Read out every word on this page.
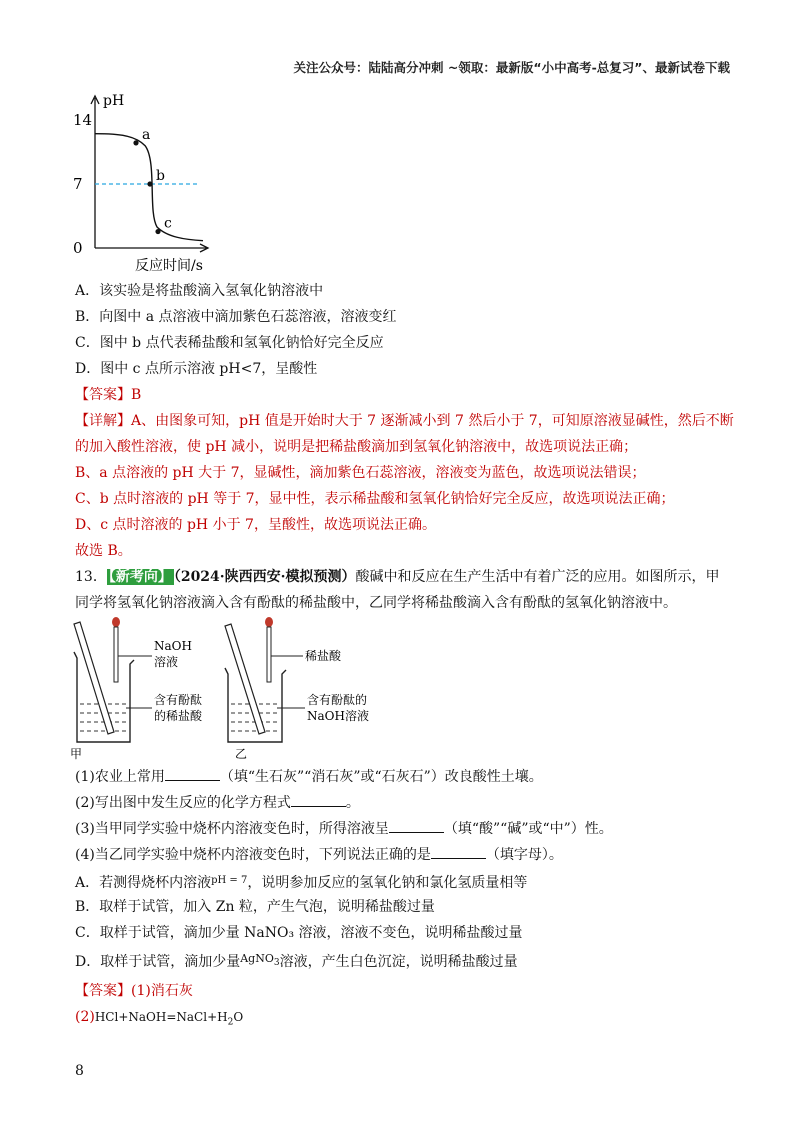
关注公众号：陆陆高分冲刺 ~领取：最新版“小中高考-总复习”、最新试卷下载
pH
14
7
0
a
b
c
反应时间/s
A．该实验是将盐酸滴入氢氧化钠溶液中
B．向图中 a 点溶液中滴加紫色石蕊溶液，溶液变红
C．图中 b 点代表稀盐酸和氢氧化钠恰好完全反应
D．图中 c 点所示溶液 pH<7，呈酸性
【答案】B
【详解】A、由图象可知，pH 值是开始时大于 7 逐渐减小到 7 然后小于 7，可知原溶液显碱性，然后不断
的加入酸性溶液，使 pH 减小，说明是把稀盐酸滴加到氢氧化钠溶液中，故选项说法正确；
B、a 点溶液的 pH 大于 7，显碱性，滴加紫色石蕊溶液，溶液变为蓝色，故选项说法错误；
C、b 点时溶液的 pH 等于 7，显中性，表示稀盐酸和氢氧化钠恰好完全反应，故选项说法正确；
D、c 点时溶液的 pH 小于 7，呈酸性，故选项说法正确。
故选 B。
13． 【新考向】 （2024·陕西西安·模拟预测）酸碱中和反应在生产生活中有着广泛的应用。如图所示，甲
同学将氢氧化钠溶液滴入含有酚酞的稀盐酸中，乙同学将稀盐酸滴入含有酚酞的氢氧化钠溶液中。
NaOH
溶液
含有酚酞
的稀盐酸
甲
稀盐酸
含有酚酞的
NaOH溶液
乙
(1)农业上常用	（填“生石灰”“消石灰”或“石灰石”）改良酸性土壤。
(2)写出图中发生反应的化学方程式	。
(3)当甲同学实验中烧杯内溶液变色时，所得溶液呈	（填“酸”“碱”或“中”）性。
(4)当乙同学实验中烧杯内溶液变色时，下列说法正确的是	（填字母）。
A．若测得烧杯内溶液$^{pH = 7}$，说明参加反应的氢氧化钠和氯化氢质量相等
B．取样于试管，加入 Zn 粒，产生气泡，说明稀盐酸过量
C．取样于试管，滴加少量 NaNO₃ 溶液，溶液不变色，说明稀盐酸过量
D．取样于试管，滴加少量$^{AgNO_3}$溶液，产生白色沉淀，说明稀盐酸过量
【答案】(1)消石灰
$(2)HCl+NaOH=NaCl+H_2O$
8
